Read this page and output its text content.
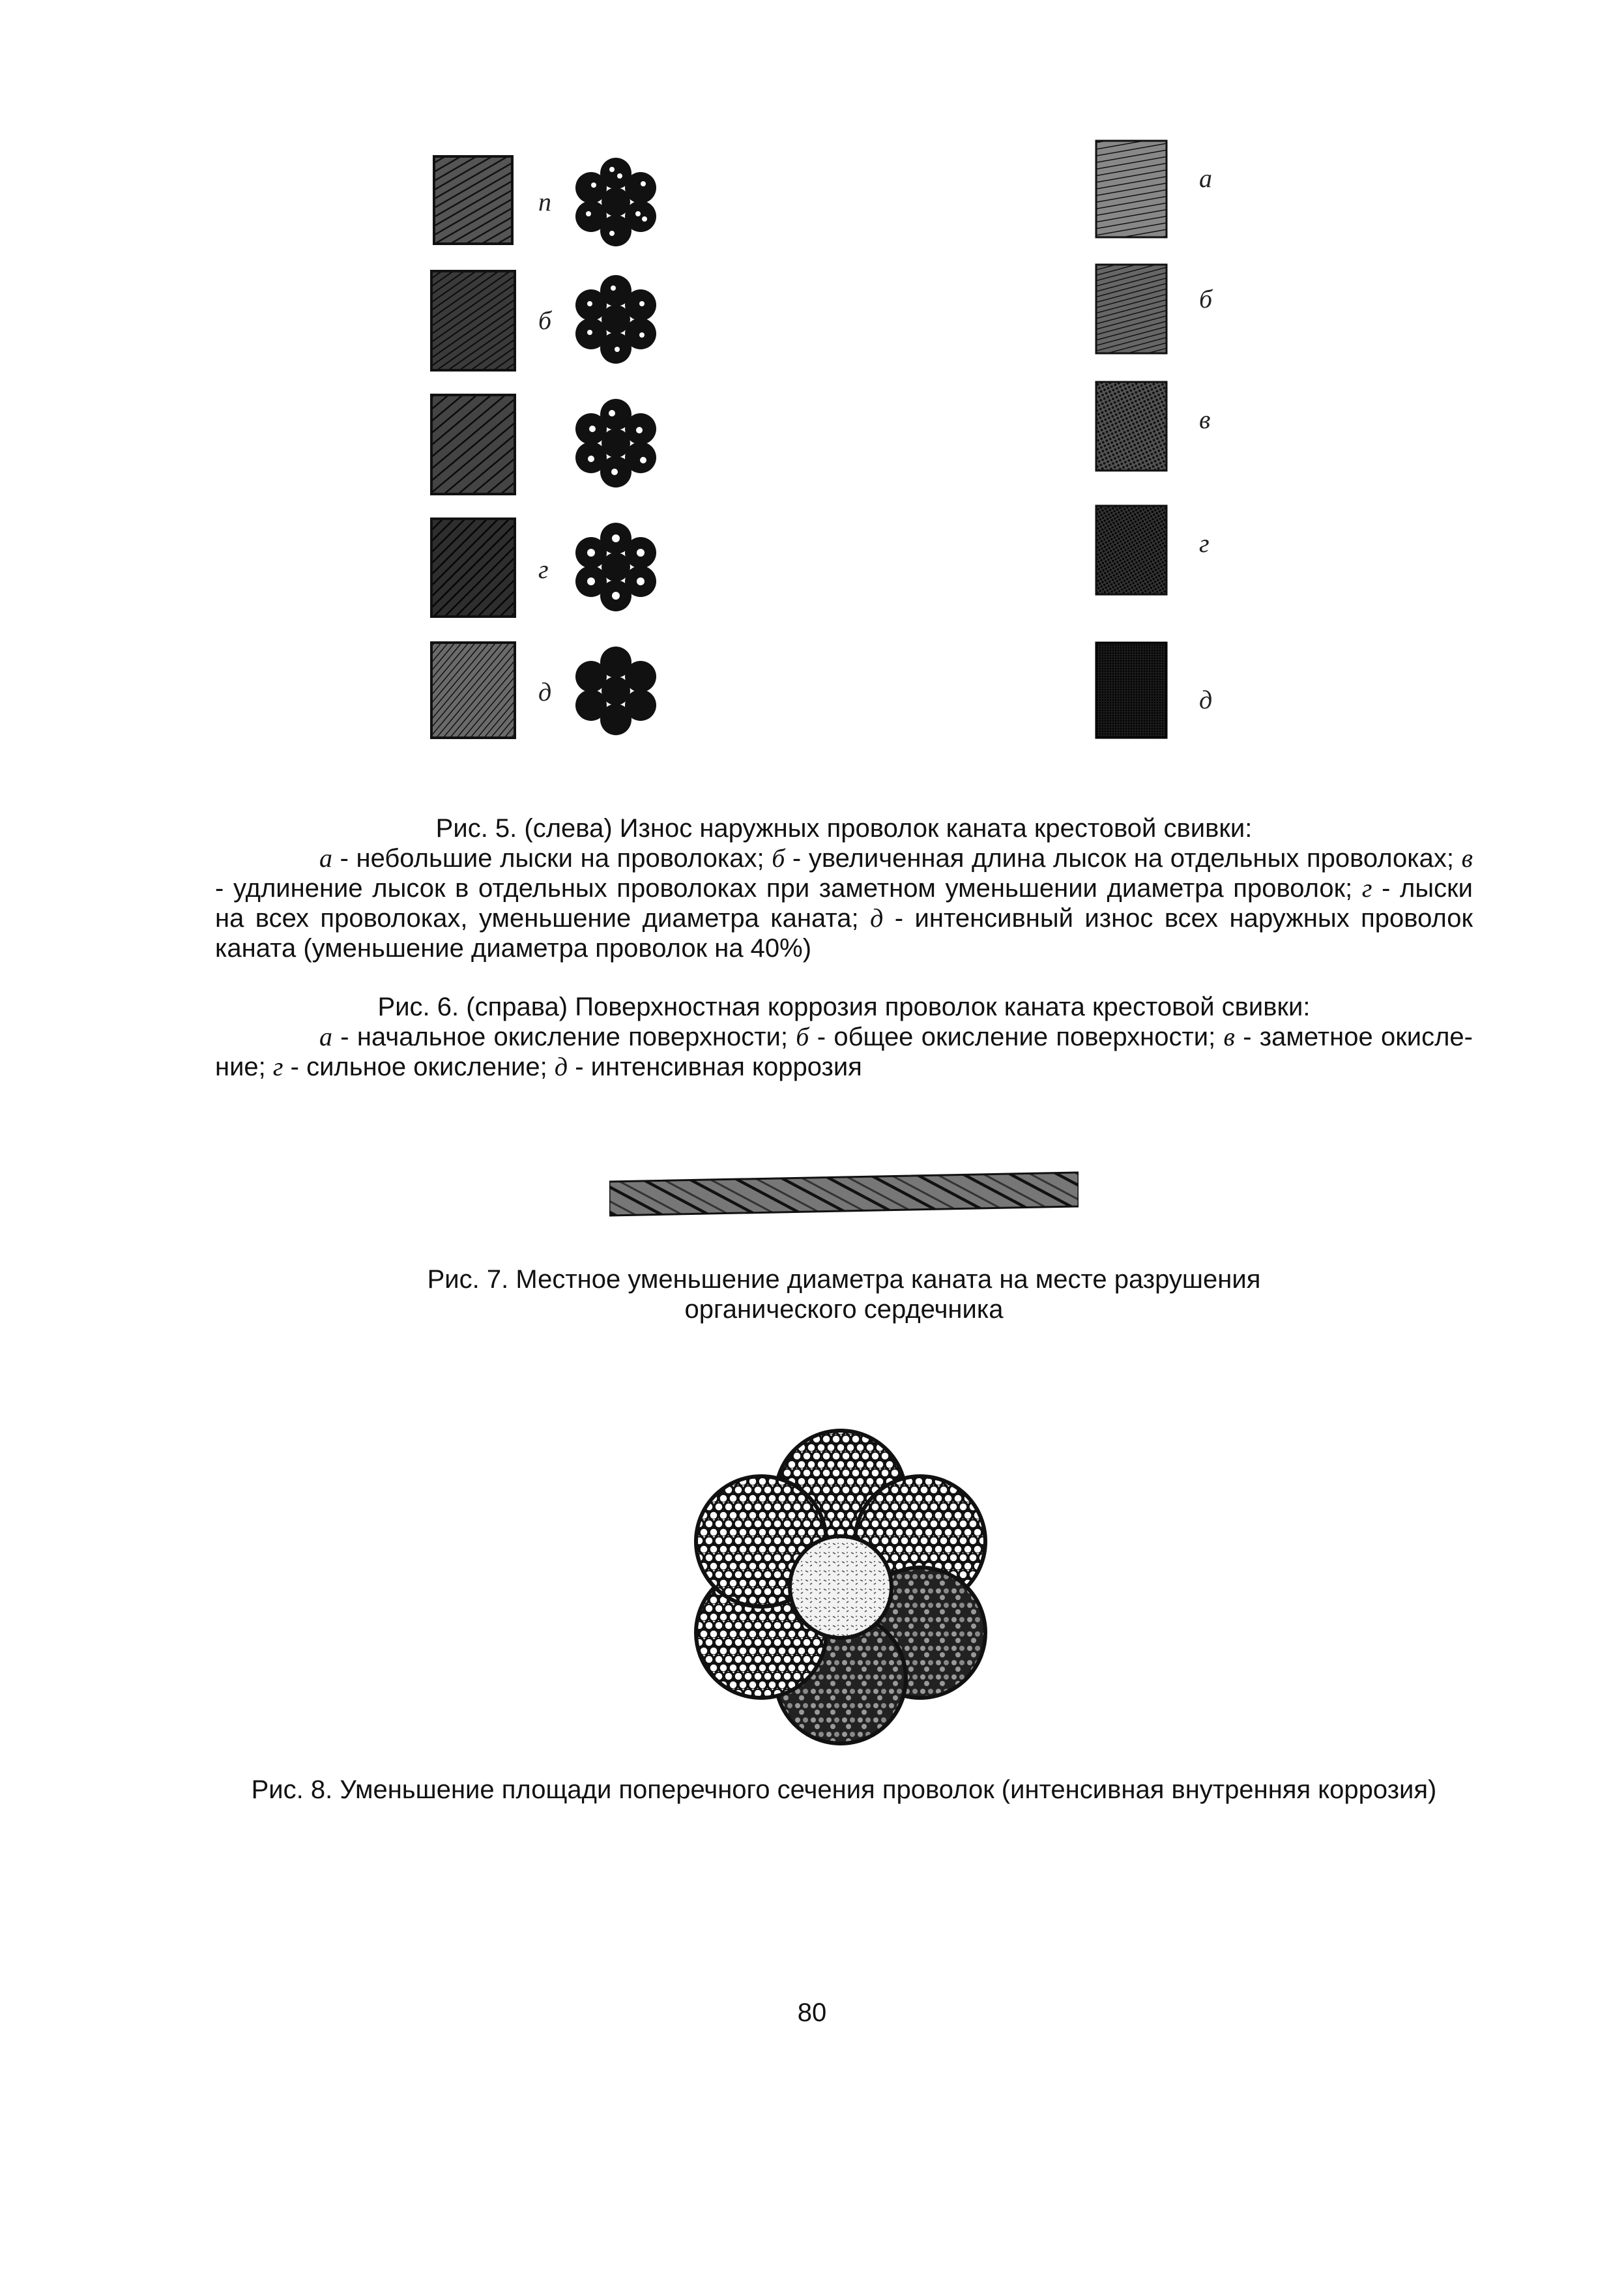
п
б
г
д
а
б
в
г
д
Рис. 5. (слева) Износ наружных проволок каната крестовой свивки:
а - небольшие лыски на проволоках; б - увеличенная длина лысок на отдельных проволоках; в - удлинение лысок в отдельных проволоках при заметном уменьшении диаметра проволок; г - лыски на всех проволоках, уменьшение диаметра каната; д - интенсивный износ всех наружных проволок каната (уменьшение диаметра проволок на 40%)
Рис. 6. (справа) Поверхностная коррозия проволок каната крестовой свивки:
а - начальное окисление поверхности; б - общее окисление поверхности; в - заметное окисле-ние; г - сильное окисление; д - интенсивная коррозия
Рис. 7. Местное уменьшение диаметра каната на месте разрушения
органического сердечника
Рис. 8. Уменьшение площади поперечного сечения проволок (интенсивная внутренняя коррозия)
80
